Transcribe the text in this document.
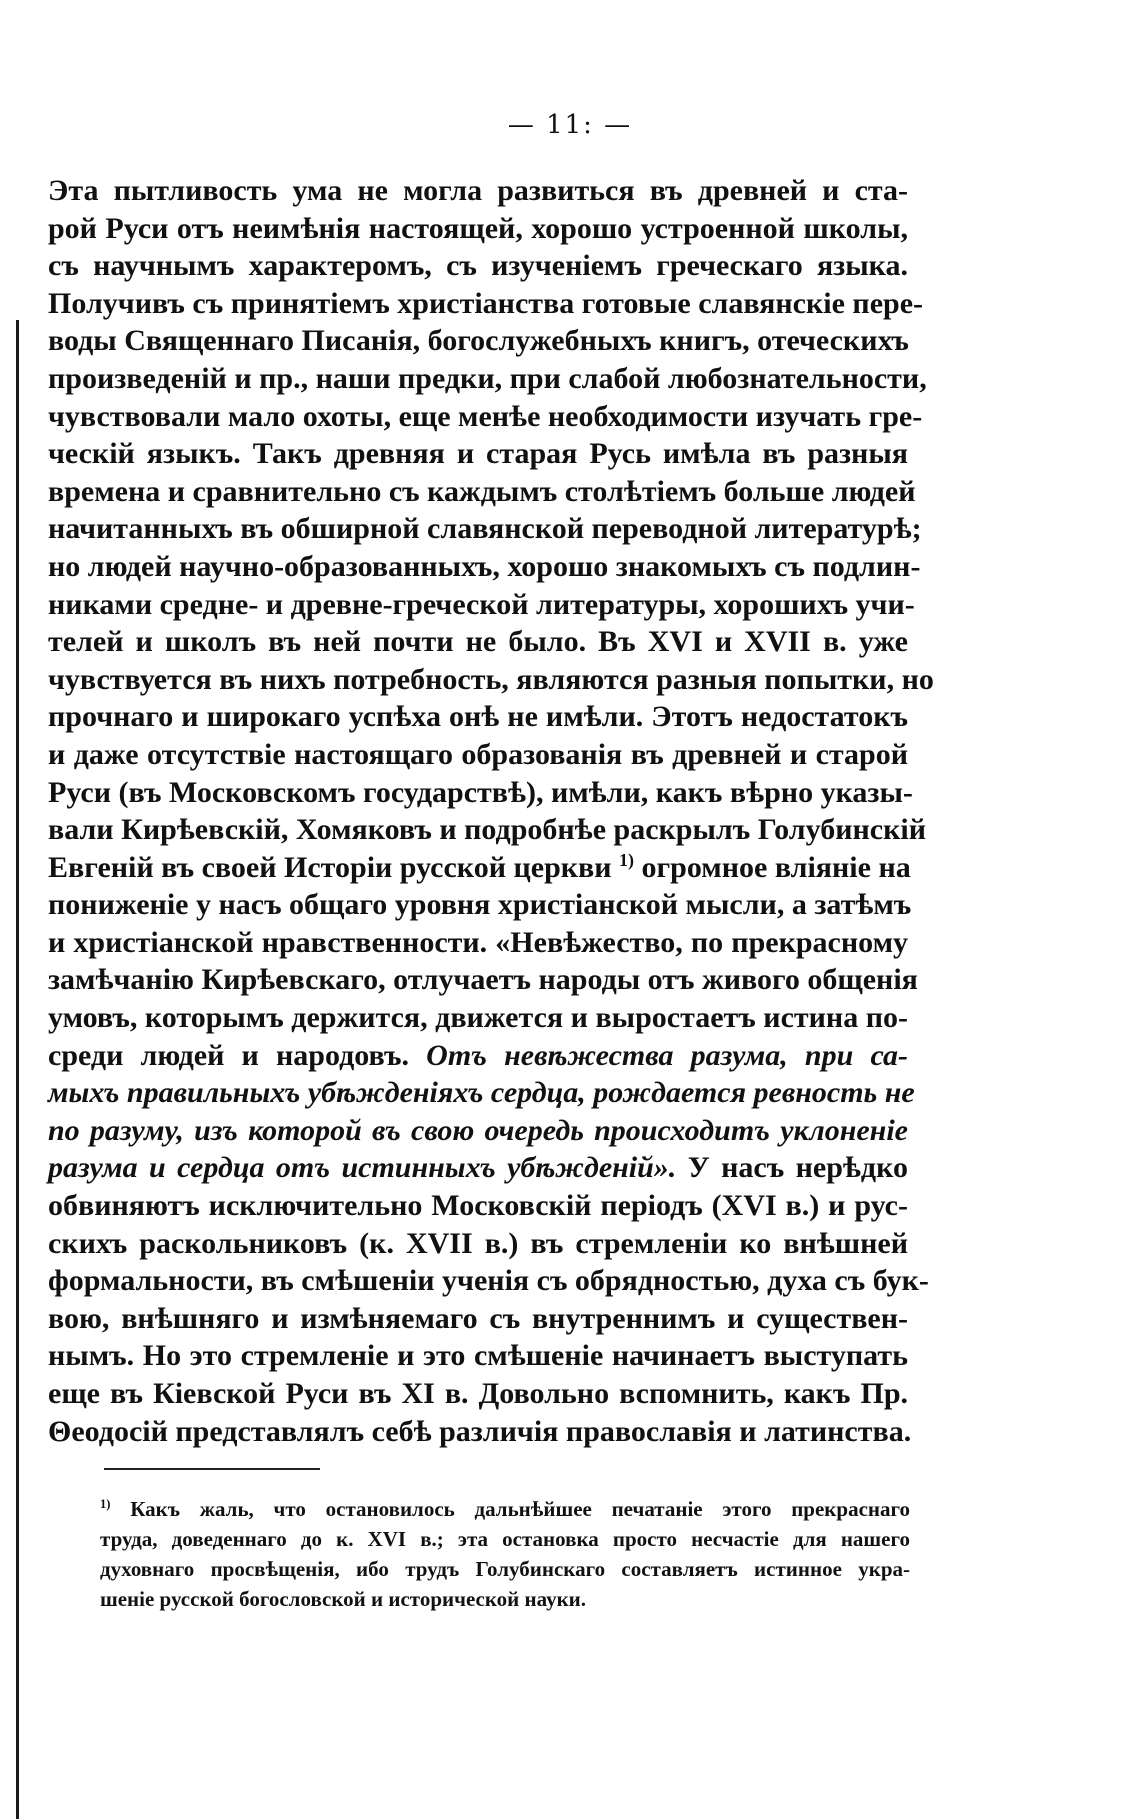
— 11: —
Эта пытливость ума не могла развиться въ древней и ста-
рой Руси отъ неимѣнія настоящей, хорошо устроенной школы,
съ научнымъ характеромъ, съ изученіемъ греческаго языка.
Получивъ съ принятіемъ христіанства готовые славянскіе пере-
воды Священнаго Писанія, богослужебныхъ книгъ, отеческихъ
произведеній и пр., наши предки, при слабой любознательности,
чувствовали мало охоты, еще менѣе необходимости изучать гре-
ческій языкъ. Такъ древняя и старая Русь имѣла въ разныя
времена и сравнительно съ каждымъ столѣтіемъ больше людей
начитанныхъ въ обширной славянской переводной литературѣ;
но людей научно-образованныхъ, хорошо знакомыхъ съ подлин-
никами средне- и древне-греческой литературы, хорошихъ учи-
телей и школъ въ ней почти не было. Въ XVI и XVII в. уже
чувствуется въ нихъ потребность, являются разныя попытки, но
прочнаго и широкаго успѣха онѣ не имѣли. Этотъ недостатокъ
и даже отсутствіе настоящаго образованія въ древней и старой
Руси (въ Московскомъ государствѣ), имѣли, какъ вѣрно указы-
вали Кирѣевскій, Хомяковъ и подробнѣе раскрылъ Голубинскій
Евгеній въ своей Исторіи русской церкви $^{1)}$ огромное вліяніе на
пониженіе у насъ общаго уровня христіанской мысли, а затѣмъ
и христіанской нравственности. «Невѣжество, по прекрасному
замѣчанію Кирѣевскаго, отлучаетъ народы отъ живого общенія
умовъ, которымъ держится, движется и выростаетъ истина по-
среди людей и народовъ. Отъ невѣжества разума, при са-
мыхъ правильныхъ убѣжденіяхъ сердца, рождается ревность не
по разуму, изъ которой въ свою очередь происходитъ уклоненіе
разума и сердца отъ истинныхъ убѣжденій». У насъ нерѣдко
обвиняютъ исключительно Московскій періодъ (XVI в.) и рус-
скихъ раскольниковъ (к. XVII в.) въ стремленіи ко внѣшней
формальности, въ смѣшеніи ученія съ обрядностью, духа съ бук-
вою, внѣшняго и измѣняемаго съ внутреннимъ и существен-
нымъ. Но это стремленіе и это смѣшеніе начинаетъ выступать
еще въ Кіевской Руси въ XI в. Довольно вспомнить, какъ Пр.
Θеодосій представлялъ себѣ различія православія и латинства.
$^{1)}$ Какъ жаль, что остановилось дальнѣйшее печатаніе этого прекраснаго
труда, доведеннаго до к. XVI в.; эта остановка просто несчастіе для нашего
духовнаго просвѣщенія, ибо трудъ Голубинскаго составляетъ истинное укра-
шеніе русской богословской и исторической науки.
